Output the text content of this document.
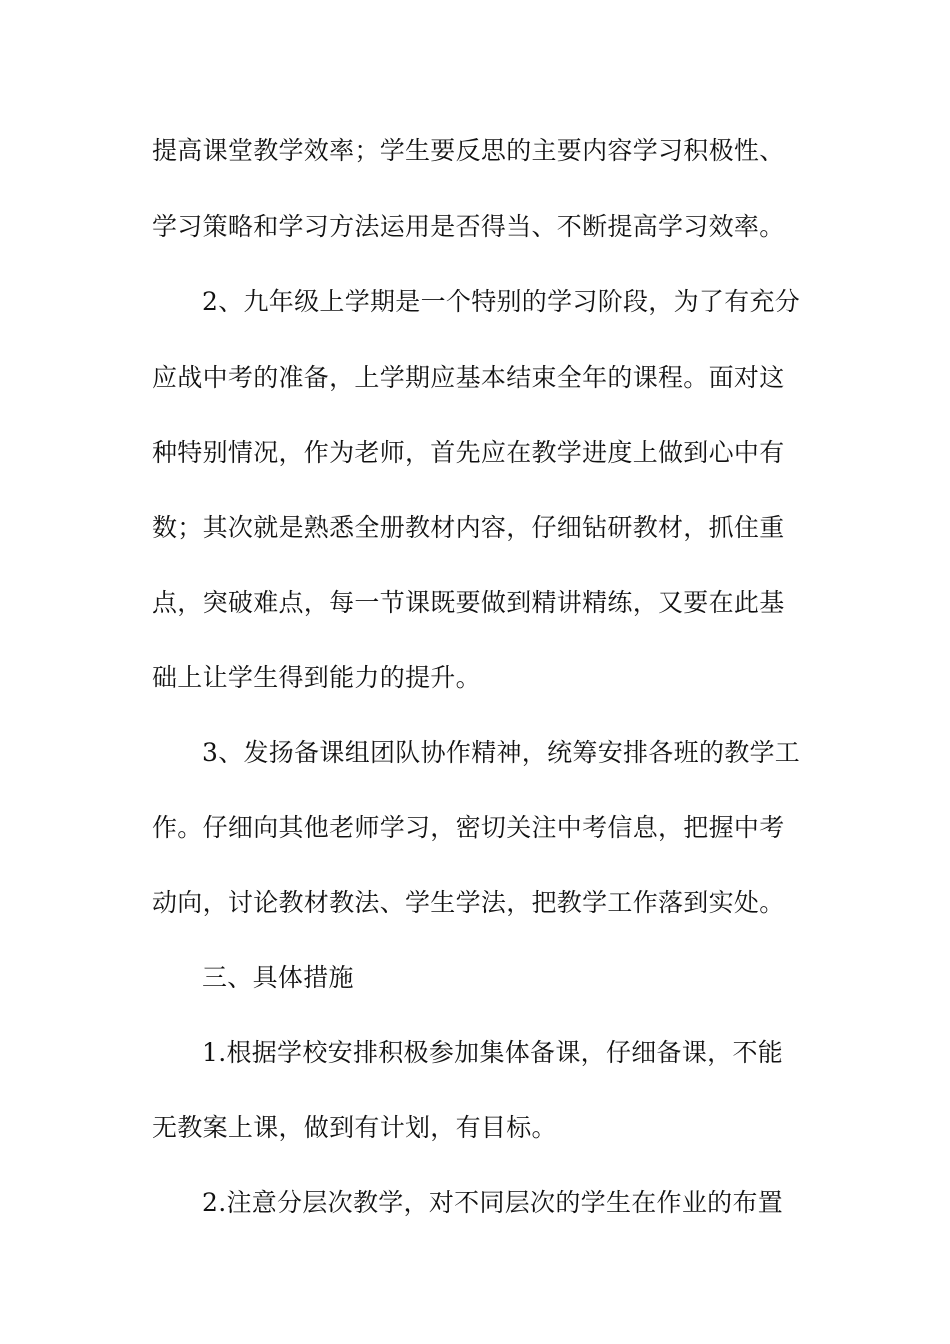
提高课堂教学效率；学生要反思的主要内容学习积极性、

学习策略和学习方法运用是否得当、不断提高学习效率。

2、九年级上学期是一个特别的学习阶段，为了有充分

应战中考的准备，上学期应基本结束全年的课程。面对这

种特别情况，作为老师，首先应在教学进度上做到心中有

数；其次就是熟悉全册教材内容，仔细钻研教材，抓住重

点，突破难点，每一节课既要做到精讲精练，又要在此基

础上让学生得到能力的提升。

3、发扬备课组团队协作精神，统筹安排各班的教学工

作。仔细向其他老师学习，密切关注中考信息，把握中考

动向，讨论教材教法、学生学法，把教学工作落到实处。

三、具体措施

1.根据学校安排积极参加集体备课，仔细备课，不能

无教案上课，做到有计划，有目标。

2.注意分层次教学，对不同层次的学生在作业的布置
